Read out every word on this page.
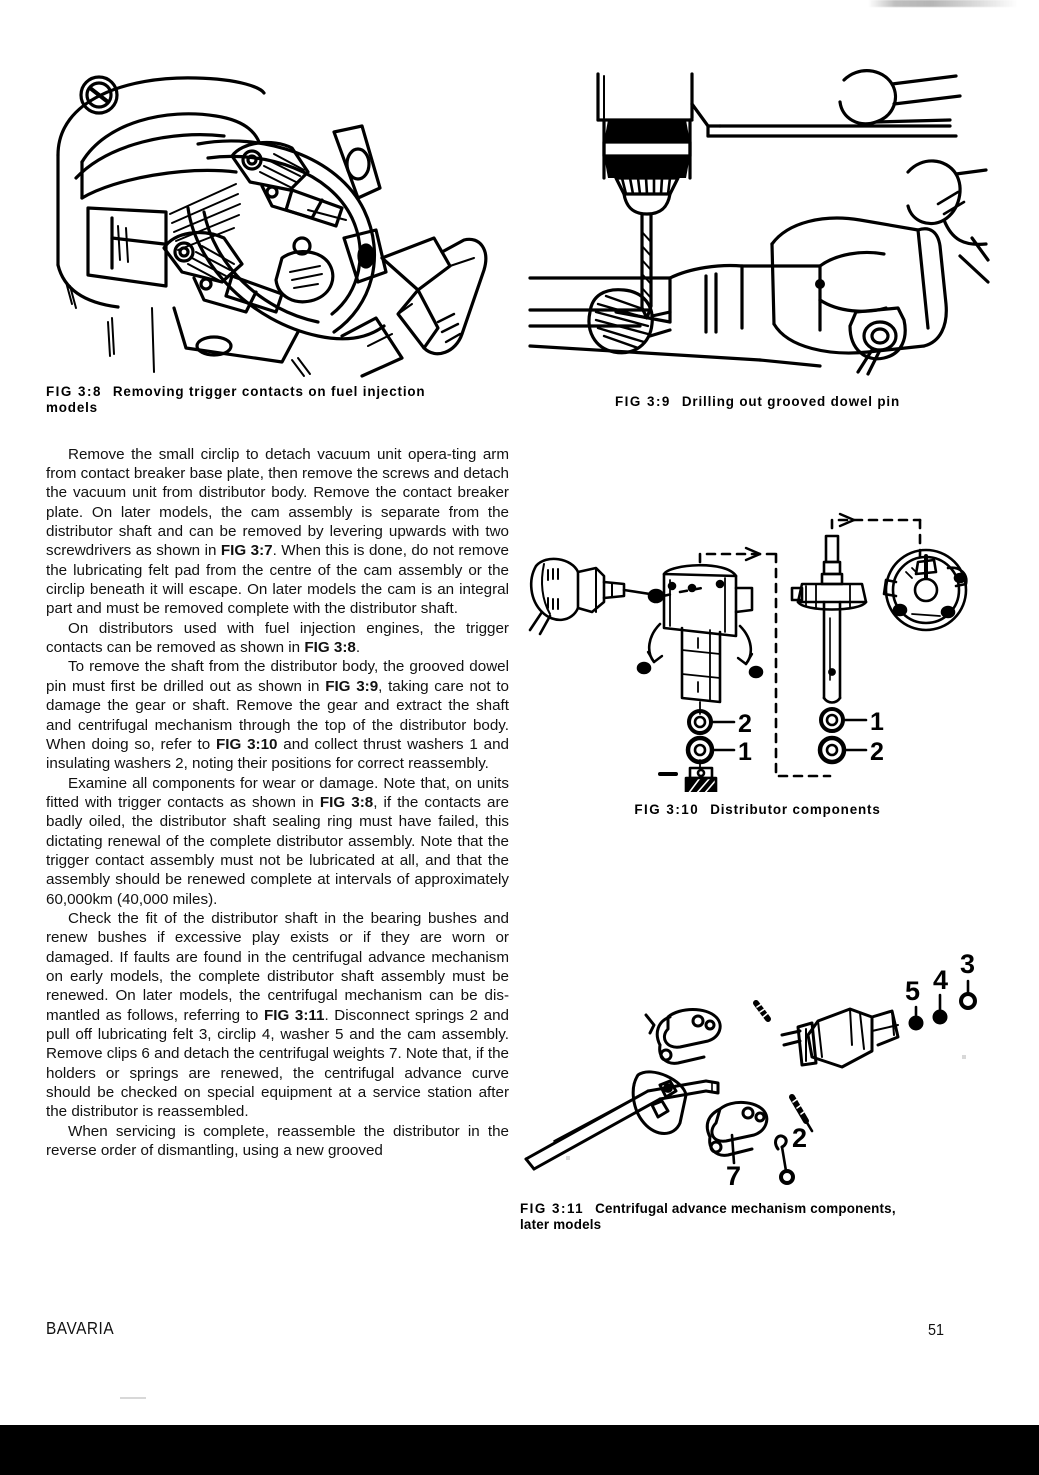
FIG 3:8 Removing trigger contacts on fuel injection
models

Remove the small circlip to detach vacuum unit opera-ting arm from contact breaker base plate, then remove the screws and detach the vacuum unit from distributor body. Remove the contact breaker plate. On later models, the cam assembly is separate from the distributor shaft and can be removed by levering upwards with two screwdrivers as shown in FIG 3:7. When this is done, do not remove the lubricating felt pad from the centre of the cam assembly or the circlip beneath it will escape. On later models the cam is an integral part and must be removed complete with the distributor shaft.

On distributors used with fuel injection engines, the trigger contacts can be removed as shown in FIG 3:8.

To remove the shaft from the distributor body, the grooved dowel pin must first be drilled out as shown in FIG 3:9, taking care not to damage the gear or shaft. Remove the gear and extract the shaft and centrifugal mechanism through the top of the distributor body. When doing so, refer to FIG 3:10 and collect thrust washers 1 and insulating washers 2, noting their positions for correct reassembly.

Examine all components for wear or damage. Note that, on units fitted with trigger contacts as shown in FIG 3:8, if the contacts are badly oiled, the distributor shaft sealing ring must have failed, this dictating renewal of the complete distributor assembly. Note that the trigger contact assembly must not be lubricated at all, and that the assembly should be renewed complete at intervals of approximately 60,000km (40,000 miles).

Check the fit of the distributor shaft in the bearing bushes and renew bushes if excessive play exists or if they are worn or damaged. If faults are found in the centrifugal advance mechanism on early models, the complete distributor shaft assembly must be renewed. On later models, the centrifugal mechanism can be dis-mantled as follows, referring to FIG 3:11. Disconnect springs 2 and pull off lubricating felt 3, circlip 4, washer 5 and the cam assembly. Remove clips 6 and detach the centrifugal weights 7. Note that, if the holders or springs are renewed, the centrifugal advance curve should be checked on special equipment at a service station after the distributor is reassembled.

When servicing is complete, reassemble the distributor in the reverse order of dismantling, using a new grooved

FIG 3:9 Drilling out grooved dowel pin
2
1
1
2
FIG 3:10 Distributor components
3
4
5
2
7
FIG 3:11 Centrifugal advance mechanism components,
later models
BAVARIA	51
